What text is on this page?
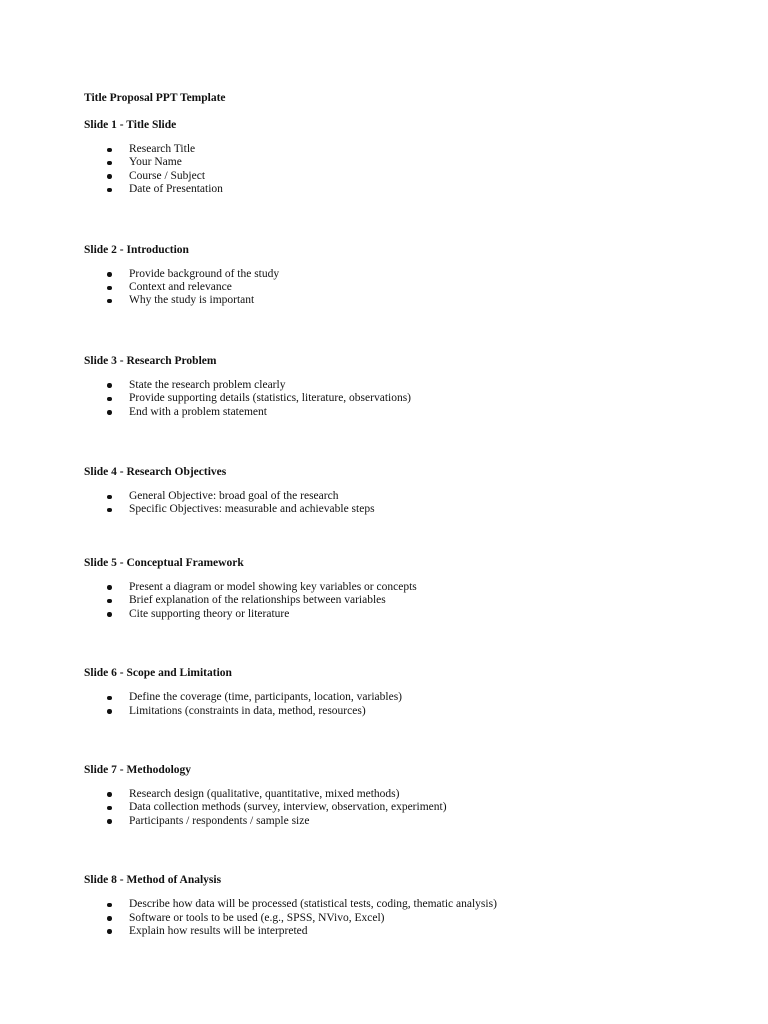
Title Proposal PPT Template
Slide 1 - Title Slide
Research Title
Your Name
Course / Subject
Date of Presentation
Slide 2 - Introduction
Provide background of the study
Context and relevance
Why the study is important
Slide 3 - Research Problem
State the research problem clearly
Provide supporting details (statistics, literature, observations)
End with a problem statement
Slide 4 - Research Objectives
General Objective: broad goal of the research
Specific Objectives: measurable and achievable steps
Slide 5 - Conceptual Framework
Present a diagram or model showing key variables or concepts
Brief explanation of the relationships between variables
Cite supporting theory or literature
Slide 6 - Scope and Limitation
Define the coverage (time, participants, location, variables)
Limitations (constraints in data, method, resources)
Slide 7 - Methodology
Research design (qualitative, quantitative, mixed methods)
Data collection methods (survey, interview, observation, experiment)
Participants / respondents / sample size
Slide 8 - Method of Analysis
Describe how data will be processed (statistical tests, coding, thematic analysis)
Software or tools to be used (e.g., SPSS, NVivo, Excel)
Explain how results will be interpreted
